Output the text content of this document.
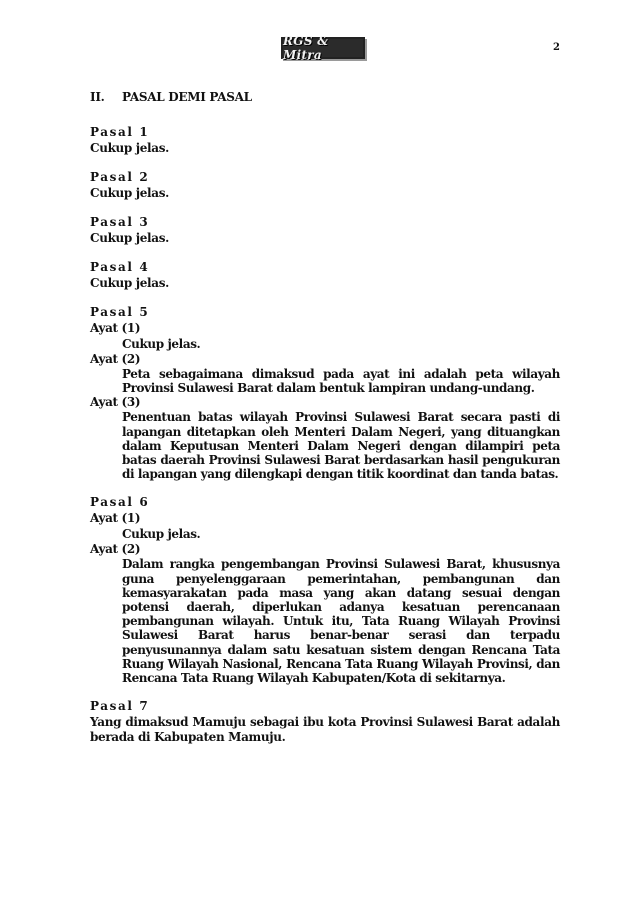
RGS & Mitra
2
II.	PASAL DEMI PASAL
Pasal 1
Cukup jelas.
Pasal 2
Cukup jelas.
Pasal 3
Cukup jelas.
Pasal 4
Cukup jelas.
Pasal 5
Ayat (1)
Cukup jelas.
Ayat (2)
Peta sebagaimana dimaksud pada ayat ini adalah peta wilayah Provinsi Sulawesi Barat dalam bentuk lampiran undang-undang.
Ayat (3)
Penentuan batas wilayah Provinsi Sulawesi Barat secara pasti di lapangan ditetapkan oleh Menteri Dalam Negeri, yang dituangkan dalam Keputusan Menteri Dalam Negeri dengan dilampiri peta batas daerah Provinsi Sulawesi Barat berdasarkan hasil pengukuran di lapangan yang dilengkapi dengan titik koordinat dan tanda batas.
Pasal 6
Ayat (1)
Cukup jelas.
Ayat (2)
Dalam rangka pengembangan Provinsi Sulawesi Barat, khususnya guna penyelenggaraan pemerintahan, pembangunan dan kemasyarakatan pada masa yang akan datang sesuai dengan potensi daerah, diperlukan adanya kesatuan perencanaan pembangunan wilayah. Untuk itu, Tata Ruang Wilayah Provinsi Sulawesi Barat harus benar-benar serasi dan terpadu penyusunannya dalam satu kesatuan sistem dengan Rencana Tata Ruang Wilayah Nasional, Rencana Tata Ruang Wilayah Provinsi, dan Rencana Tata Ruang Wilayah Kabupaten/Kota di sekitarnya.
Pasal 7
Yang dimaksud Mamuju sebagai ibu kota Provinsi Sulawesi Barat adalah berada di Kabupaten Mamuju.
